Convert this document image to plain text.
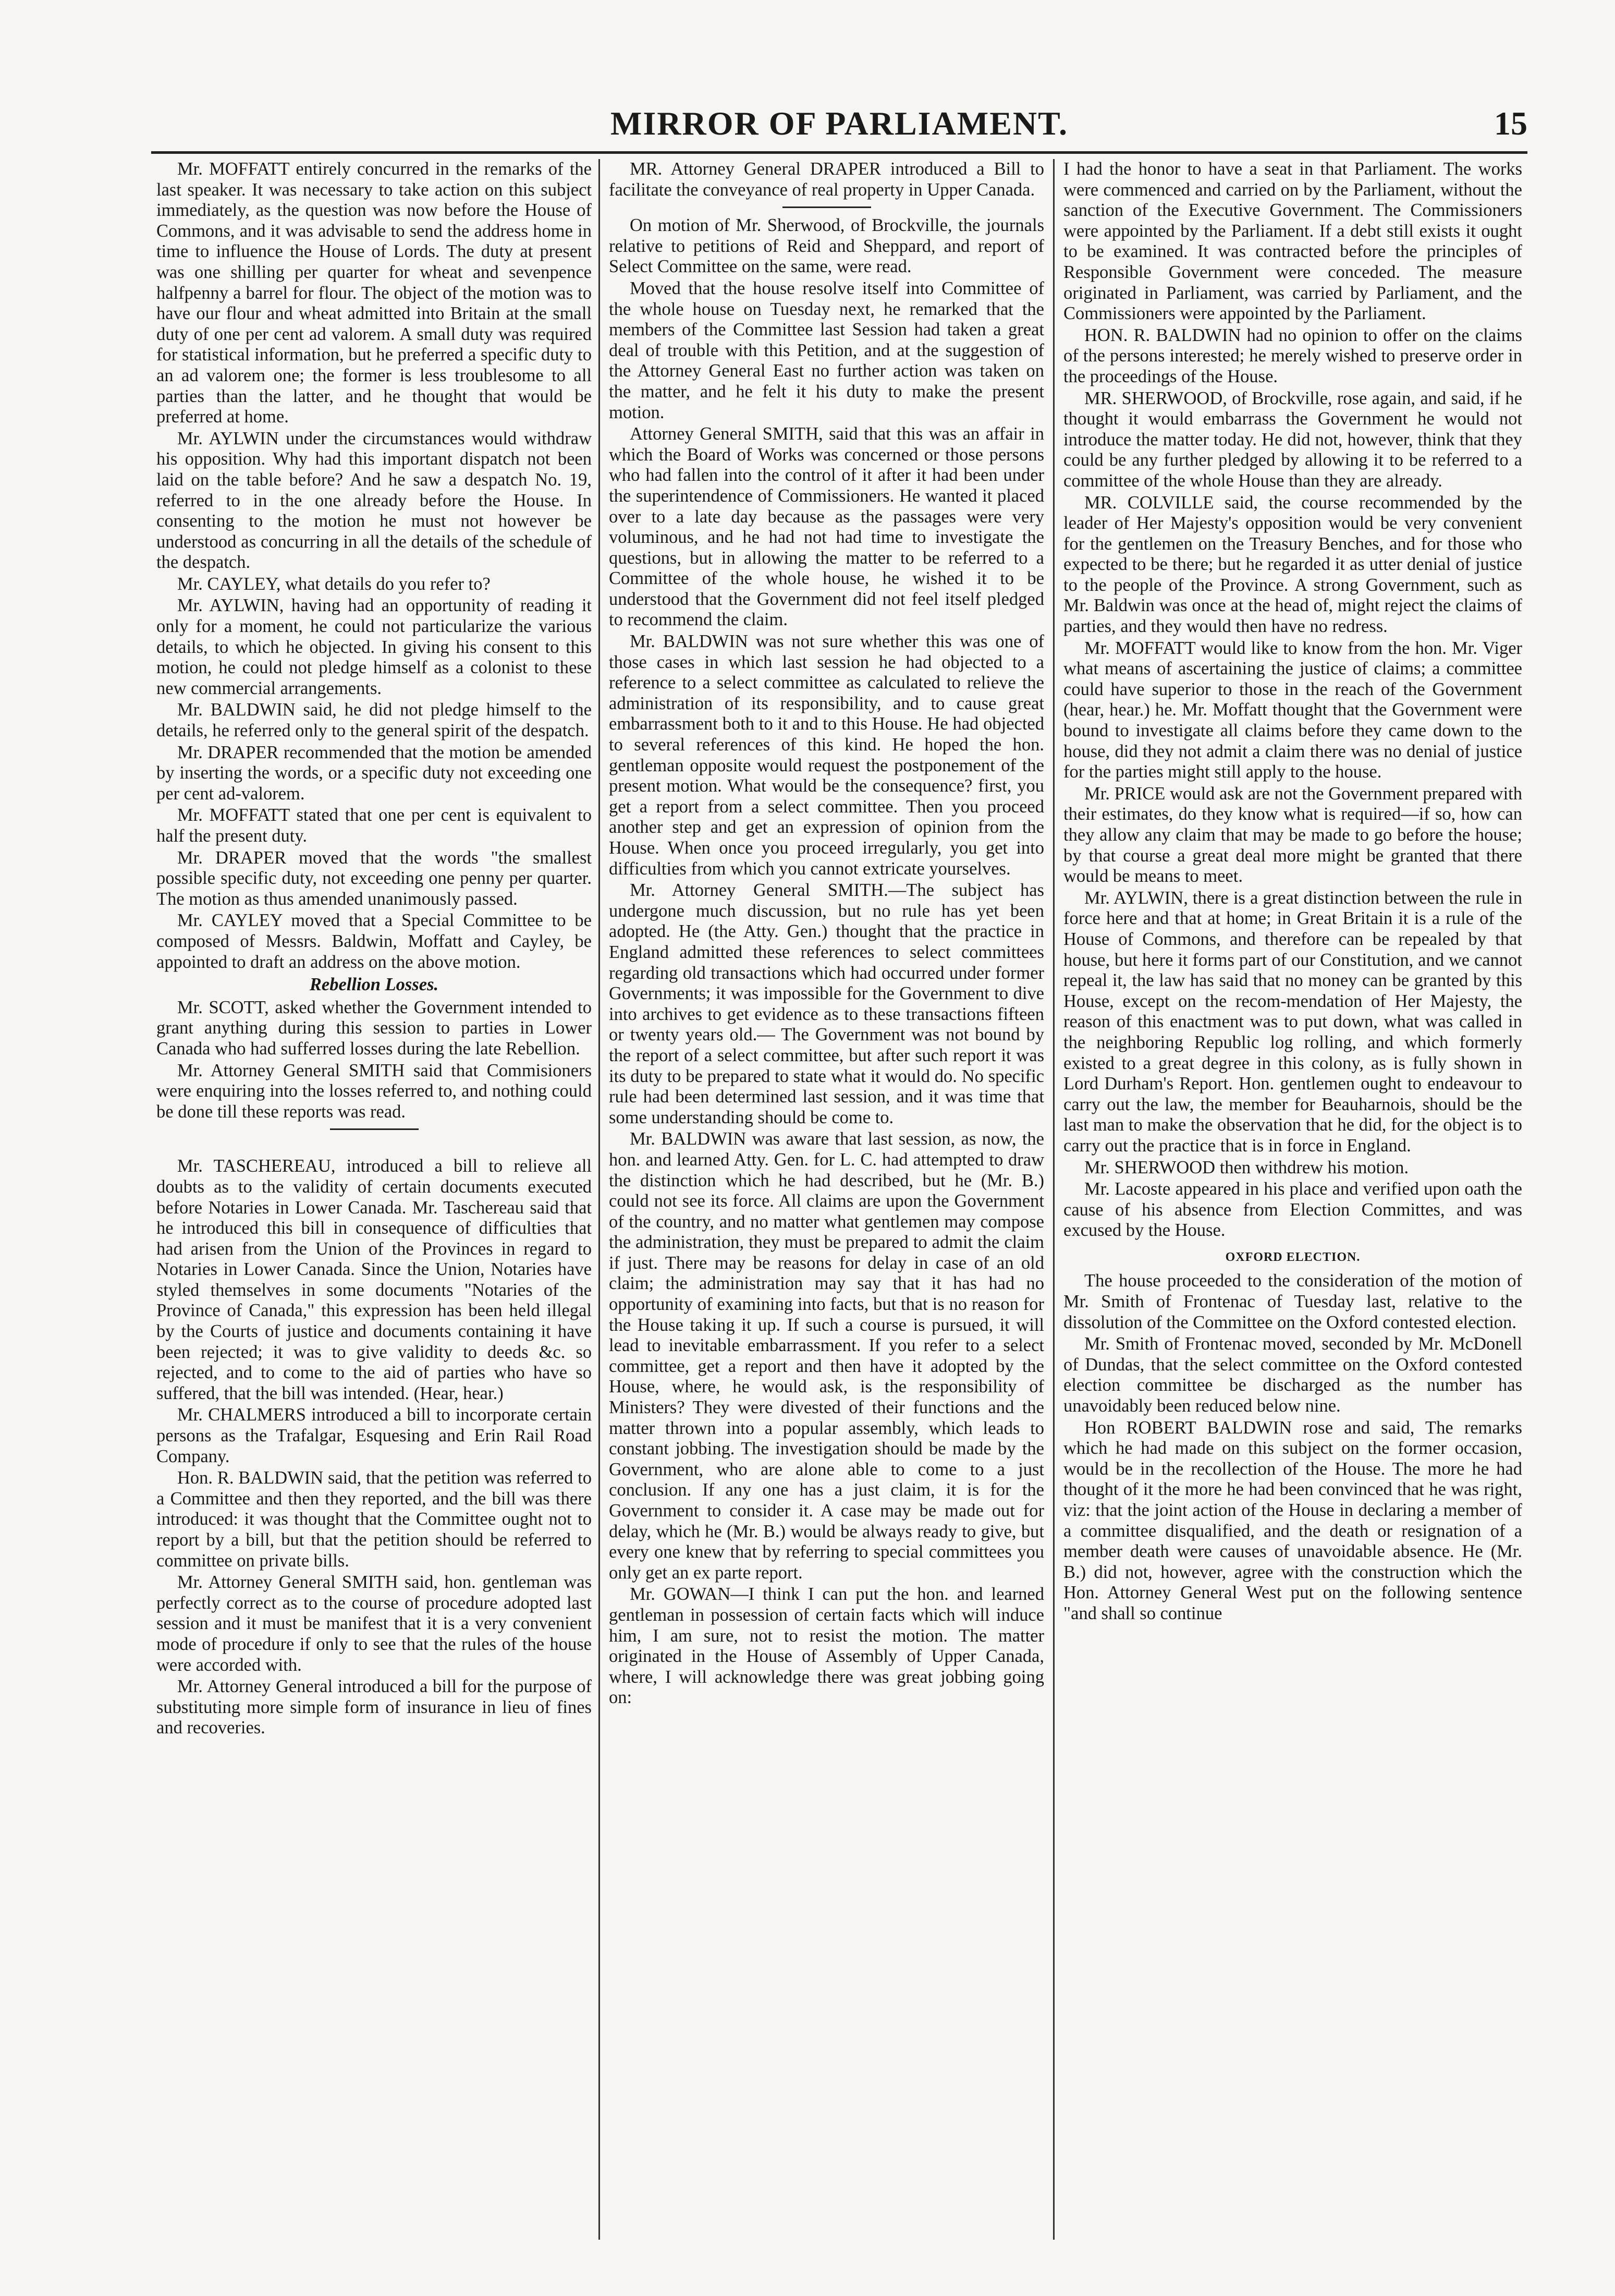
MIRROR OF PARLIAMENT.	15

Mr. MOFFATT entirely concurred in the remarks of the last speaker. It was necessary to take action on this subject immediately, as the question was now before the House of Commons, and it was advisable to send the address home in time to influence the House of Lords. The duty at present was one shilling per quarter for wheat and sevenpence halfpenny a barrel for flour. The object of the motion was to have our flour and wheat admitted into Britain at the small duty of one per cent ad valorem. A small duty was required for statistical information, but he preferred a specific duty to an ad valorem one; the former is less troublesome to all parties than the latter, and he thought that would be preferred at home.

Mr. AYLWIN under the circumstances would withdraw his opposition. Why had this important dispatch not been laid on the table before? And he saw a despatch No. 19, referred to in the one already before the House. In consenting to the motion he must not however be understood as concurring in all the details of the schedule of the despatch.

Mr. CAYLEY, what details do you refer to?

Mr. AYLWIN, having had an opportunity of reading it only for a moment, he could not particularize the various details, to which he objected. In giving his consent to this motion, he could not pledge himself as a colonist to these new commercial arrangements.

Mr. BALDWIN said, he did not pledge himself to the details, he referred only to the general spirit of the despatch.

Mr. DRAPER recommended that the motion be amended by inserting the words, or a specific duty not exceeding one per cent ad-valorem.

Mr. MOFFATT stated that one per cent is equivalent to half the present duty.

Mr. DRAPER moved that the words "the smallest possible specific duty, not exceeding one penny per quarter. The motion as thus amended unanimously passed.

Mr. CAYLEY moved that a Special Committee to be composed of Messrs. Baldwin, Moffatt and Cayley, be appointed to draft an address on the above motion.

Rebellion Losses.

Mr. SCOTT, asked whether the Government intended to grant anything during this session to parties in Lower Canada who had sufferred losses during the late Rebellion.

Mr. Attorney General SMITH said that Commisioners were enquiring into the losses referred to, and nothing could be done till these reports was read.

Mr. TASCHEREAU, introduced a bill to relieve all doubts as to the validity of certain documents executed before Notaries in Lower Canada. Mr. Taschereau said that he introduced this bill in consequence of difficulties that had arisen from the Union of the Provinces in regard to Notaries in Lower Canada. Since the Union, Notaries have styled themselves in some documents "Notaries of the Province of Canada," this expression has been held illegal by the Courts of justice and documents containing it have been rejected; it was to give validity to deeds &c. so rejected, and to come to the aid of parties who have so suffered, that the bill was intended. (Hear, hear.)

Mr. CHALMERS introduced a bill to incorporate certain persons as the Trafalgar, Esquesing and Erin Rail Road Company.

Hon. R. BALDWIN said, that the petition was referred to a Committee and then they reported, and the bill was there introduced: it was thought that the Committee ought not to report by a bill, but that the petition should be referred to committee on private bills.

Mr. Attorney General SMITH said, hon. gentleman was perfectly correct as to the course of procedure adopted last session and it must be manifest that it is a very convenient mode of procedure if only to see that the rules of the house were accorded with.

Mr. Attorney General introduced a bill for the purpose of substituting more simple form of insurance in lieu of fines and recoveries.

MR. Attorney General DRAPER introduced a Bill to facilitate the conveyance of real property in Upper Canada.

On motion of Mr. Sherwood, of Brockville, the journals relative to petitions of Reid and Sheppard, and report of Select Committee on the same, were read.

Moved that the house resolve itself into Committee of the whole house on Tuesday next, he remarked that the members of the Committee last Session had taken a great deal of trouble with this Petition, and at the suggestion of the Attorney General East no further action was taken on the matter, and he felt it his duty to make the present motion.

Attorney General SMITH, said that this was an affair in which the Board of Works was concerned or those persons who had fallen into the control of it after it had been under the superintendence of Commissioners. He wanted it placed over to a late day because as the passages were very voluminous, and he had not had time to investigate the questions, but in allowing the matter to be referred to a Committee of the whole house, he wished it to be understood that the Government did not feel itself pledged to recommend the claim.

Mr. BALDWIN was not sure whether this was one of those cases in which last session he had objected to a reference to a select committee as calculated to relieve the administration of its responsibility, and to cause great embarrassment both to it and to this House. He had objected to several references of this kind. He hoped the hon. gentleman opposite would request the postponement of the present motion. What would be the consequence? first, you get a report from a select committee. Then you proceed another step and get an expression of opinion from the House. When once you proceed irregularly, you get into difficulties from which you cannot extricate yourselves.

Mr. Attorney General SMITH.—The subject has undergone much discussion, but no rule has yet been adopted. He (the Atty. Gen.) thought that the practice in England admitted these references to select committees regarding old transactions which had occurred under former Governments; it was impossible for the Government to dive into archives to get evidence as to these transactions fifteen or twenty years old.— The Government was not bound by the report of a select committee, but after such report it was its duty to be prepared to state what it would do. No specific rule had been determined last session, and it was time that some understanding should be come to.

Mr. BALDWIN was aware that last session, as now, the hon. and learned Atty. Gen. for L. C. had attempted to draw the distinction which he had described, but he (Mr. B.) could not see its force. All claims are upon the Government of the country, and no matter what gentlemen may compose the administration, they must be prepared to admit the claim if just. There may be reasons for delay in case of an old claim; the administration may say that it has had no opportunity of examining into facts, but that is no reason for the House taking it up. If such a course is pursued, it will lead to inevitable embarrassment. If you refer to a select committee, get a report and then have it adopted by the House, where, he would ask, is the responsibility of Ministers? They were divested of their functions and the matter thrown into a popular assembly, which leads to constant jobbing. The investigation should be made by the Government, who are alone able to come to a just conclusion. If any one has a just claim, it is for the Government to consider it. A case may be made out for delay, which he (Mr. B.) would be always ready to give, but every one knew that by referring to special committees you only get an ex parte report.

Mr. GOWAN—I think I can put the hon. and learned gentleman in possession of certain facts which will induce him, I am sure, not to resist the motion. The matter originated in the House of Assembly of Upper Canada, where, I will acknowledge there was great jobbing going on:

I had the honor to have a seat in that Parliament. The works were commenced and carried on by the Parliament, without the sanction of the Executive Government. The Commissioners were appointed by the Parliament. If a debt still exists it ought to be examined. It was contracted before the principles of Responsible Government were conceded. The measure originated in Parliament, was carried by Parliament, and the Commissioners were appointed by the Parliament.

HON. R. BALDWIN had no opinion to offer on the claims of the persons interested; he merely wished to preserve order in the proceedings of the House.

MR. SHERWOOD, of Brockville, rose again, and said, if he thought it would embarrass the Government he would not introduce the matter today. He did not, however, think that they could be any further pledged by allowing it to be referred to a committee of the whole House than they are already.

MR. COLVILLE said, the course recommended by the leader of Her Majesty's opposition would be very convenient for the gentlemen on the Treasury Benches, and for those who expected to be there; but he regarded it as utter denial of justice to the people of the Province. A strong Government, such as Mr. Baldwin was once at the head of, might reject the claims of parties, and they would then have no redress.

Mr. MOFFATT would like to know from the hon. Mr. Viger what means of ascertaining the justice of claims; a committee could have superior to those in the reach of the Government (hear, hear.) he. Mr. Moffatt thought that the Government were bound to investigate all claims before they came down to the house, did they not admit a claim there was no denial of justice for the parties might still apply to the house.

Mr. PRICE would ask are not the Government prepared with their estimates, do they know what is required—if so, how can they allow any claim that may be made to go before the house; by that course a great deal more might be granted that there would be means to meet.

Mr. AYLWIN, there is a great distinction between the rule in force here and that at home; in Great Britain it is a rule of the House of Commons, and therefore can be repealed by that house, but here it forms part of our Constitution, and we cannot repeal it, the law has said that no money can be granted by this House, except on the recom-mendation of Her Majesty, the reason of this enactment was to put down, what was called in the neighboring Republic log rolling, and which formerly existed to a great degree in this colony, as is fully shown in Lord Durham's Report. Hon. gentlemen ought to endeavour to carry out the law, the member for Beauharnois, should be the last man to make the observation that he did, for the object is to carry out the practice that is in force in England.

Mr. SHERWOOD then withdrew his motion.

Mr. Lacoste appeared in his place and verified upon oath the cause of his absence from Election Committes, and was excused by the House.

OXFORD ELECTION.

The house proceeded to the consideration of the motion of Mr. Smith of Frontenac of Tuesday last, relative to the dissolution of the Committee on the Oxford contested election.

Mr. Smith of Frontenac moved, seconded by Mr. McDonell of Dundas, that the select committee on the Oxford contested election committee be discharged as the number has unavoidably been reduced below nine.

Hon ROBERT BALDWIN rose and said, The remarks which he had made on this subject on the former occasion, would be in the recollection of the House. The more he had thought of it the more he had been convinced that he was right, viz: that the joint action of the House in declaring a member of a committee disqualified, and the death or resignation of a member death were causes of unavoidable absence. He (Mr. B.) did not, however, agree with the construction which the Hon. Attorney General West put on the following sentence "and shall so continue
